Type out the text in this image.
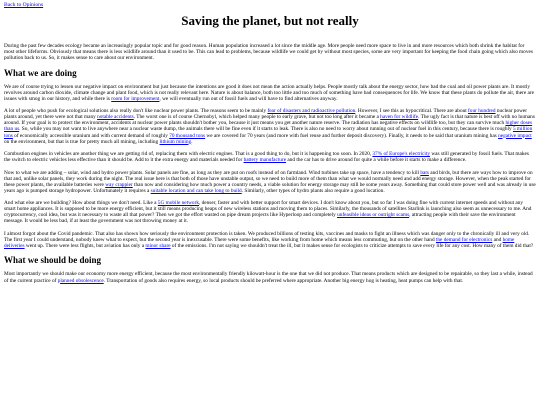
Back to Opinions
Saving the planet, but not really

During the past few decades ecology became an increasingly popular topic and for good reason. Human population increased a lot since the middle age. More people need more space to live in and more resources which both shrink the habitat for most other lifeforms. Obviously that means there is less wildlife around than it used to be. This can lead to problems, because wildlife we could get by without most species, some are very important for keeping the food chain going which also moves pollution back to us. So, it makes sense to care about our environment.

What we are doing

We are of course trying to lessen our negative impact on environment but just because the intentions are good it does not mean the action actually helps. People mostly talk about the energy sector, how bad the coal and oil power plants are. It mostly revolves around carbon dioxide, climate change and plant food, which is not really relevant here. Nature is about balance, both too little and too much of something have bad consequences for life. We know that these plants do pollute the air, there are issues with smog in our history, and while there is room for improvement, we will eventually run out of fossil fuels and will have to find alternatives anyway.

A lot of people who push for ecological solutions also really don't like nuclear power plants. The reasons seem to be mainly fear of disasters and radioactive pollution. However, I see this as hypocritical. There are about four hundred nuclear power plants around, yet there were not that many notable accidents. The worst one is of course Chernobyl, which helped many people to early grave, but not too long after it became a haven for wildlife. The ugly fact is that nature is best off with no humans around. If your goal is to protect the environment, accidents at nuclear power plants shouldn't bother you, because it just means you get another nature reserve. The radiation has negative effects on wildlife too, but they can survive much higher doses than us. So, while you may not want to live anywhere near a nuclear waste dump, the animals there will be fine even if it starts to leak. There is also no need to worry about running out of nuclear fuel in this century, because there is roughly 5 million tons of economically accessible uranium and with current demand of roughly 70 thousand tons we are covered for 70 years (and more with fuel reuse and further deposit discovery). Finally, it needs to be said that uranium mining has negative impact on the environment, but that is true for pretty much all mining, including lithium mining.

Combustion engines in vehicles are another thing we are getting rid of, replacing them with electric engines. That is a good thing to do, but it is happening too soon. In 2020, 37% of Europe's electricity was still generated by fossil fuels. That makes the switch to electric vehicles less effective than it should be. Add to it the extra energy and materials needed for battery manufacture and the car has to drive around for quite a while before it starts to make a difference.

Now to what we are adding – solar, wind and hydro power plants. Solar panels are fine, as long as they are put on roofs instead of on farmland. Wind turbines take up space, have a tendency to kill bats and birds, but there are ways how to improve on that and, unlike solar panels, they work during the night. The real issue here is that both of those have unstable output, so we need to build more of them than what we would normally need and add energy storage. However, when the peak started for these power plants, the available batteries were way crappier than now and considering how much power a country needs, a viable solution for energy storage may still be some years away. Something that could store power well and was already in use years ago is pumped storage hydropower. Unfortunately it requires a suitable location and can take long to build. Similarly, other types of hydro plants also require a good location.

And what else are we building? How about things we don't need. Like a 5G mobile network, denser, faster and with better support for smart devices. I don't know about you, but so far I was doing fine with current internet speeds and without any smart home appliances. It is supposed to be more energy efficient, but it still means producing heaps of new wireless stations and moving them to places. Similarly, the thousands of satellites Starlink is launching also seem as unnecessary to me. And cryptocurrency, cool idea, but was it necessary to waste all that power? Then we got the effort wasted on pipe dream projects like Hyperloop and completely unfeasible ideas or outright scams, attracting people with their save the environment message. It would be less bad, if at least the government was not throwing money at it.

I almost forgot about the Covid pandemic. That also has shown how seriously the environment protection is taken. We produced billions of testing kits, vaccines and masks to fight an illness which was danger only to the chronically ill and very old. The first year I could understand, nobody knew what to expect, but the second year is inexcusable. There were some benefits, like working from home which means less commuting, but on the other hand the demand for electronics and home deliveries went up. There were less flights, but aviation has only a minor share of the emissions. I'm not saying we shouldn't treat the ill, but it makes sense for ecologists to criticize attempts to save every life for any cost. How many of them did that?

What we should be doing

Most importantly we should make our economy more energy efficient, because the most environmentally friendly kilowatt-hour is the one that we did not produce. That means products which are designed to be repairable, so they last a while, instead of the current practice of planned obsolescence. Transportation of goods also requires energy, so local products should be preferred where appropriate. Another big energy hog is heating, heat pumps can help with that.
